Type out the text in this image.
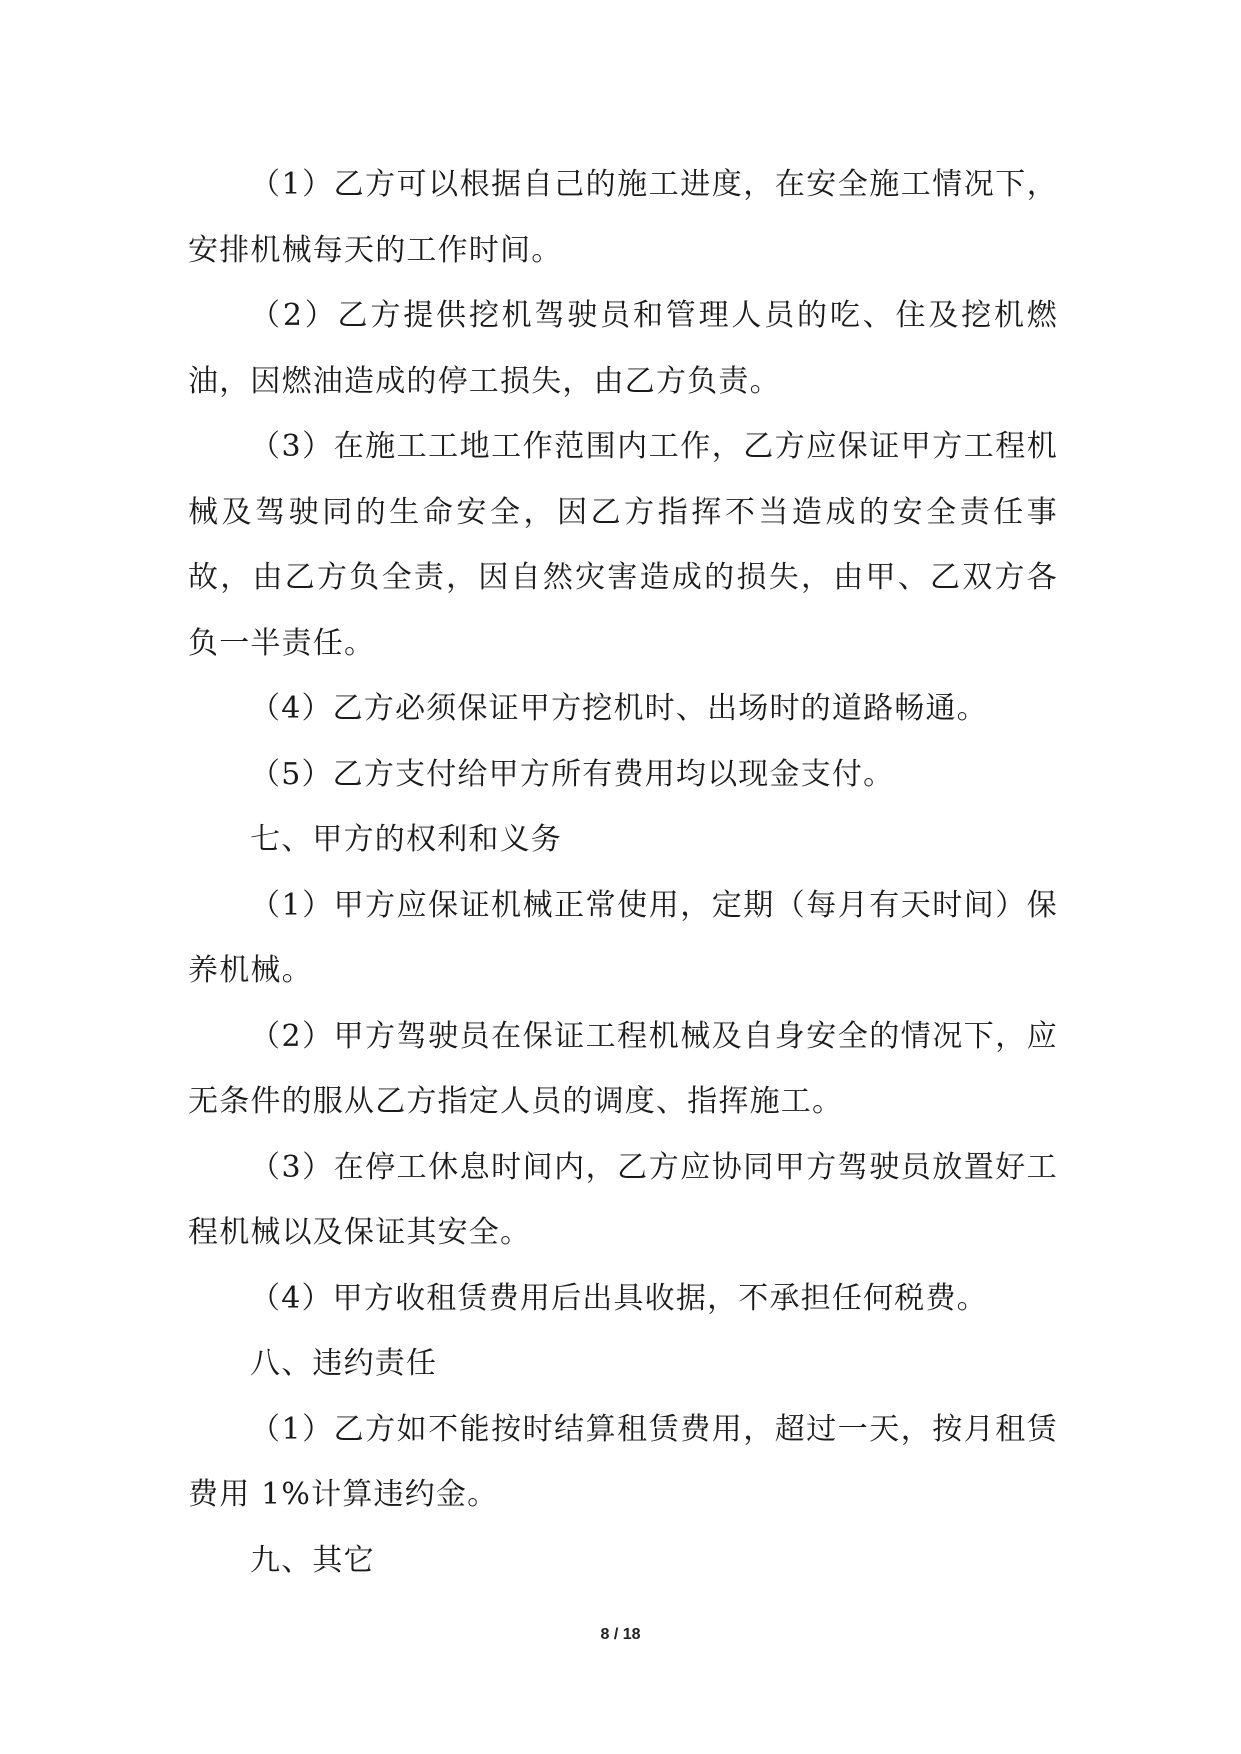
（1）乙方可以根据自己的施工进度，在安全施工情况下，安排机械每天的工作时间。

（2）乙方提供挖机驾驶员和管理人员的吃、住及挖机燃油，因燃油造成的停工损失，由乙方负责。

（3）在施工工地工作范围内工作，乙方应保证甲方工程机械及驾驶同的生命安全，因乙方指挥不当造成的安全责任事故，由乙方负全责，因自然灾害造成的损失，由甲、乙双方各负一半责任。

（4）乙方必须保证甲方挖机时、出场时的道路畅通。

（5）乙方支付给甲方所有费用均以现金支付。

七、甲方的权利和义务

（1）甲方应保证机械正常使用，定期（每月有天时间）保养机械。

（2）甲方驾驶员在保证工程机械及自身安全的情况下，应无条件的服从乙方指定人员的调度、指挥施工。

（3）在停工休息时间内，乙方应协同甲方驾驶员放置好工程机械以及保证其安全。

（4）甲方收租赁费用后出具收据，不承担任何税费。

八、违约责任

（1）乙方如不能按时结算租赁费用，超过一天，按月租赁费用 1%计算违约金。

九、其它

8 / 18
